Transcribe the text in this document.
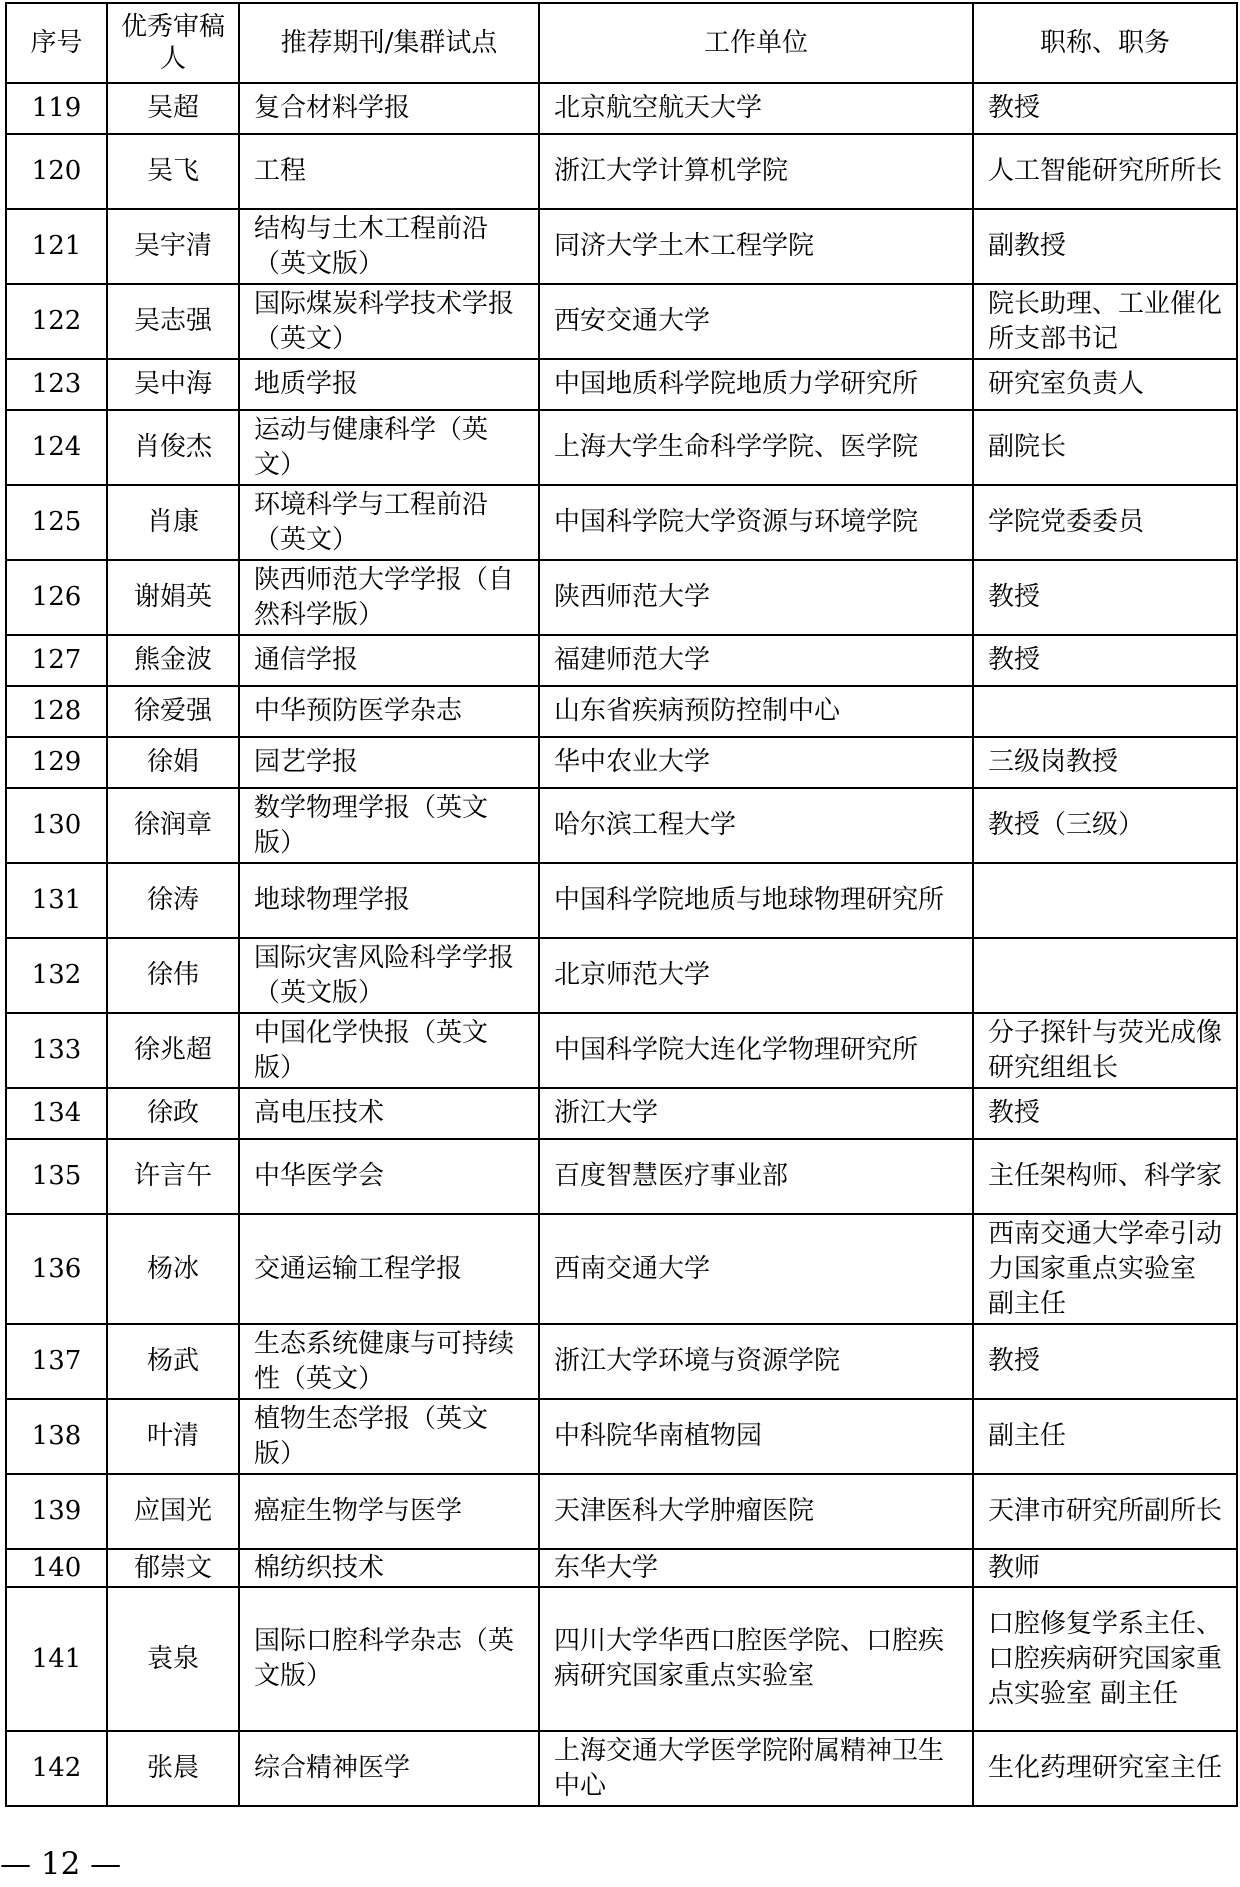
序号	优秀审稿人	推荐期刊/集群试点	工作单位	职称、职务
119	吴超	复合材料学报	北京航空航天大学	教授
120	吴飞	工程	浙江大学计算机学院	人工智能研究所所长
121	吴宇清	结构与土木工程前沿（英文版）	同济大学土木工程学院	副教授
122	吴志强	国际煤炭科学技术学报（英文）	西安交通大学	院长助理、工业催化所支部书记
123	吴中海	地质学报	中国地质科学院地质力学研究所	研究室负责人
124	肖俊杰	运动与健康科学（英文）	上海大学生命科学学院、医学院	副院长
125	肖康	环境科学与工程前沿（英文）	中国科学院大学资源与环境学院	学院党委委员
126	谢娟英	陕西师范大学学报（自然科学版）	陕西师范大学	教授
127	熊金波	通信学报	福建师范大学	教授
128	徐爱强	中华预防医学杂志	山东省疾病预防控制中心	
129	徐娟	园艺学报	华中农业大学	三级岗教授
130	徐润章	数学物理学报（英文版）	哈尔滨工程大学	教授（三级）
131	徐涛	地球物理学报	中国科学院地质与地球物理研究所	
132	徐伟	国际灾害风险科学学报（英文版）	北京师范大学	
133	徐兆超	中国化学快报（英文版）	中国科学院大连化学物理研究所	分子探针与荧光成像研究组组长
134	徐政	高电压技术	浙江大学	教授
135	许言午	中华医学会	百度智慧医疗事业部	主任架构师、科学家
136	杨冰	交通运输工程学报	西南交通大学	西南交通大学牵引动力国家重点实验室 副主任
137	杨武	生态系统健康与可持续性（英文）	浙江大学环境与资源学院	教授
138	叶清	植物生态学报（英文版）	中科院华南植物园	副主任
139	应国光	癌症生物学与医学	天津医科大学肿瘤医院	天津市研究所副所长
140	郁崇文	棉纺织技术	东华大学	教师
141	袁泉	国际口腔科学杂志（英文版）	四川大学华西口腔医学院、口腔疾病研究国家重点实验室	口腔修复学系主任、口腔疾病研究国家重点实验室 副主任
142	张晨	综合精神医学	上海交通大学医学院附属精神卫生中心	生化药理研究室主任
— 12 —
